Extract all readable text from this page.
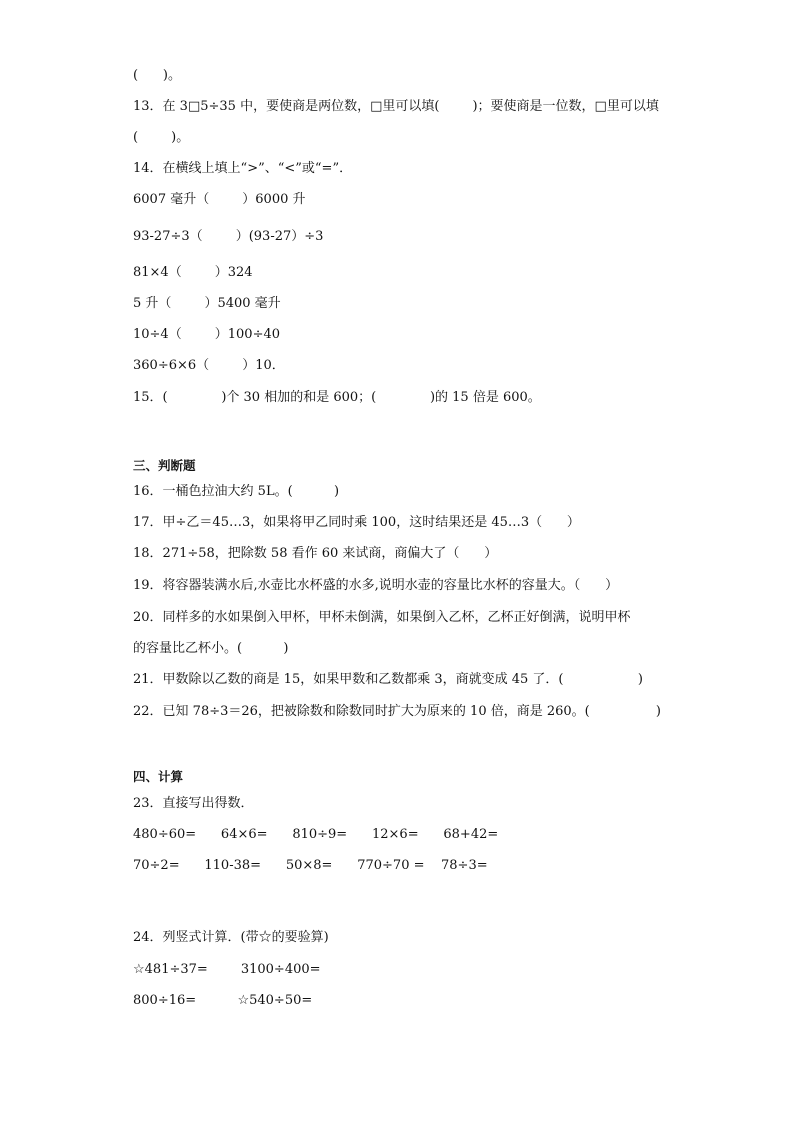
(      )。
13．在 3□5÷35 中，要使商是两位数，□里可以填(        )；要使商是一位数，□里可以填
(        )。
14．在横线上填上“>”、“<”或“=”．
6007 毫升（        ）6000 升
93-27÷3（        ）(93-27）÷3
81×4（        ）324
5 升（        ）5400 毫升
10÷4（        ）100÷40
360÷6×6（        ）10．
15．(             )个 30 相加的和是 600；(             )的 15 倍是 600。
三、判断题
16．一桶色拉油大约 5L。(          )
17．甲÷乙＝45…3，如果将甲乙同时乘 100，这时结果还是 45…3（      ）
18．271÷58，把除数 58 看作 60 来试商，商偏大了（      ）
19．将容器装满水后,水壶比水杯盛的水多,说明水壶的容量比水杯的容量大。（      ）
20．同样多的水如果倒入甲杯，甲杯未倒满，如果倒入乙杯，乙杯正好倒满，说明甲杯
的容量比乙杯小。(          )
21．甲数除以乙数的商是 15，如果甲数和乙数都乘 3，商就变成 45 了．(                  )
22．已知 78÷3＝26，把被除数和除数同时扩大为原来的 10 倍，商是 260。(                )
四、计算
23．直接写出得数．
480÷60=      64×6=      810÷9=      12×6=      68+42=
70÷2=      110-38=      50×8=      770÷70 =    78÷3=
24．列竖式计算．(带☆的要验算)
☆481÷37=        3100÷400=
800÷16=          ☆540÷50=
